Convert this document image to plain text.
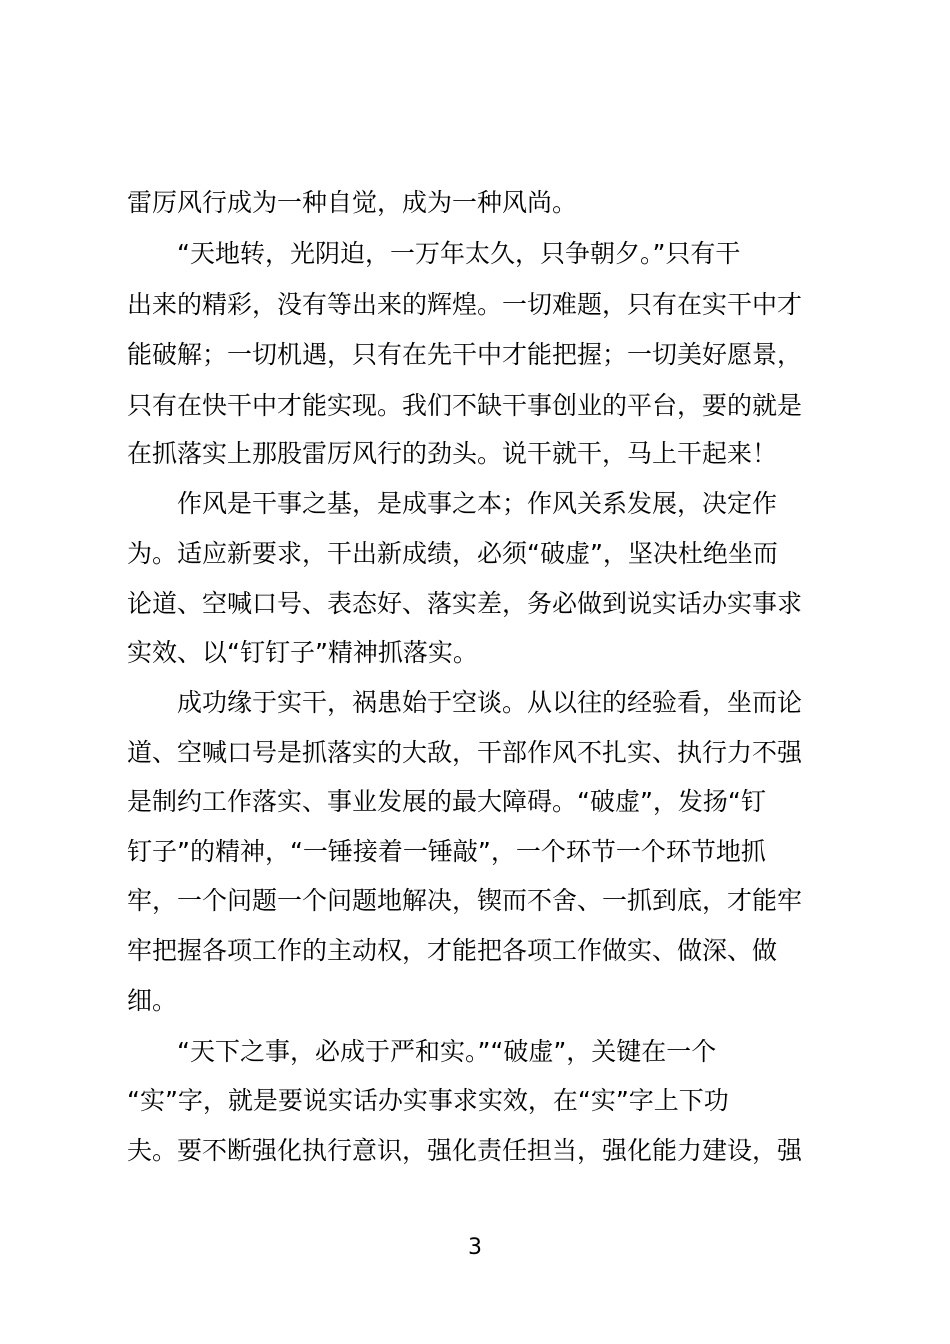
雷厉风行成为一种自觉，成为一种风尚。
　　“天地转，光阴迫，一万年太久，只争朝夕。”只有干
出来的精彩，没有等出来的辉煌。一切难题，只有在实干中才
能破解；一切机遇，只有在先干中才能把握；一切美好愿景，
只有在快干中才能实现。我们不缺干事创业的平台，要的就是
在抓落实上那股雷厉风行的劲头。说干就干，马上干起来！
作风是干事之基，是成事之本；作风关系发展，决定作
为。适应新要求，干出新成绩，必须“破虚”，坚决杜绝坐而
论道、空喊口号、表态好、落实差，务必做到说实话办实事求
实效、以“钉钉子”精神抓落实。
成功缘于实干，祸患始于空谈。从以往的经验看，坐而论
道、空喊口号是抓落实的大敌，干部作风不扎实、执行力不强
是制约工作落实、事业发展的最大障碍。“破虚”，发扬“钉
钉子”的精神，“一锤接着一锤敲”，一个环节一个环节地抓
牢，一个问题一个问题地解决，锲而不舍、一抓到底，才能牢
牢把握各项工作的主动权，才能把各项工作做实、做深、做
细。
“天下之事，必成于严和实。”“破虚”，关键在一个
“实”字，就是要说实话办实事求实效，在“实”字上下功
夫。要不断强化执行意识，强化责任担当，强化能力建设，强
3
